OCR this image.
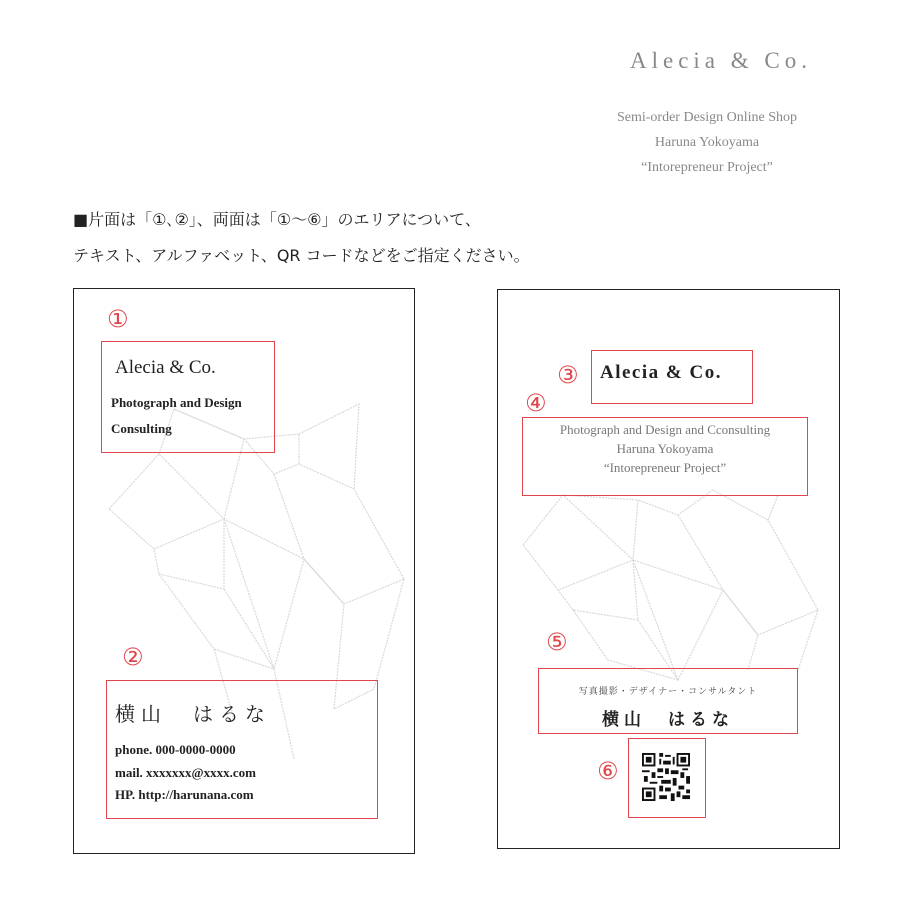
Alecia & Co.
Semi-order Design Online Shop
Haruna Yokoyama
“Intorepreneur Project”
■片面は「①､②」、両面は「①〜⑥」のエリアについて、
テキスト、アルファベット、QR コードなどをご指定ください。
①
Alecia & Co.
Photograph and Design
Consulting
②
横山　はるな
phone. 000-0000-0000
mail. xxxxxxx@xxxx.com
HP. http://harunana.com
③ Alecia & Co.
④
Photograph and Design and Cconsulting
Haruna Yokoyama
“Intorepreneur Project”
⑤
写真撮影・デザイナー・コンサルタント
横山　はるな
⑥
